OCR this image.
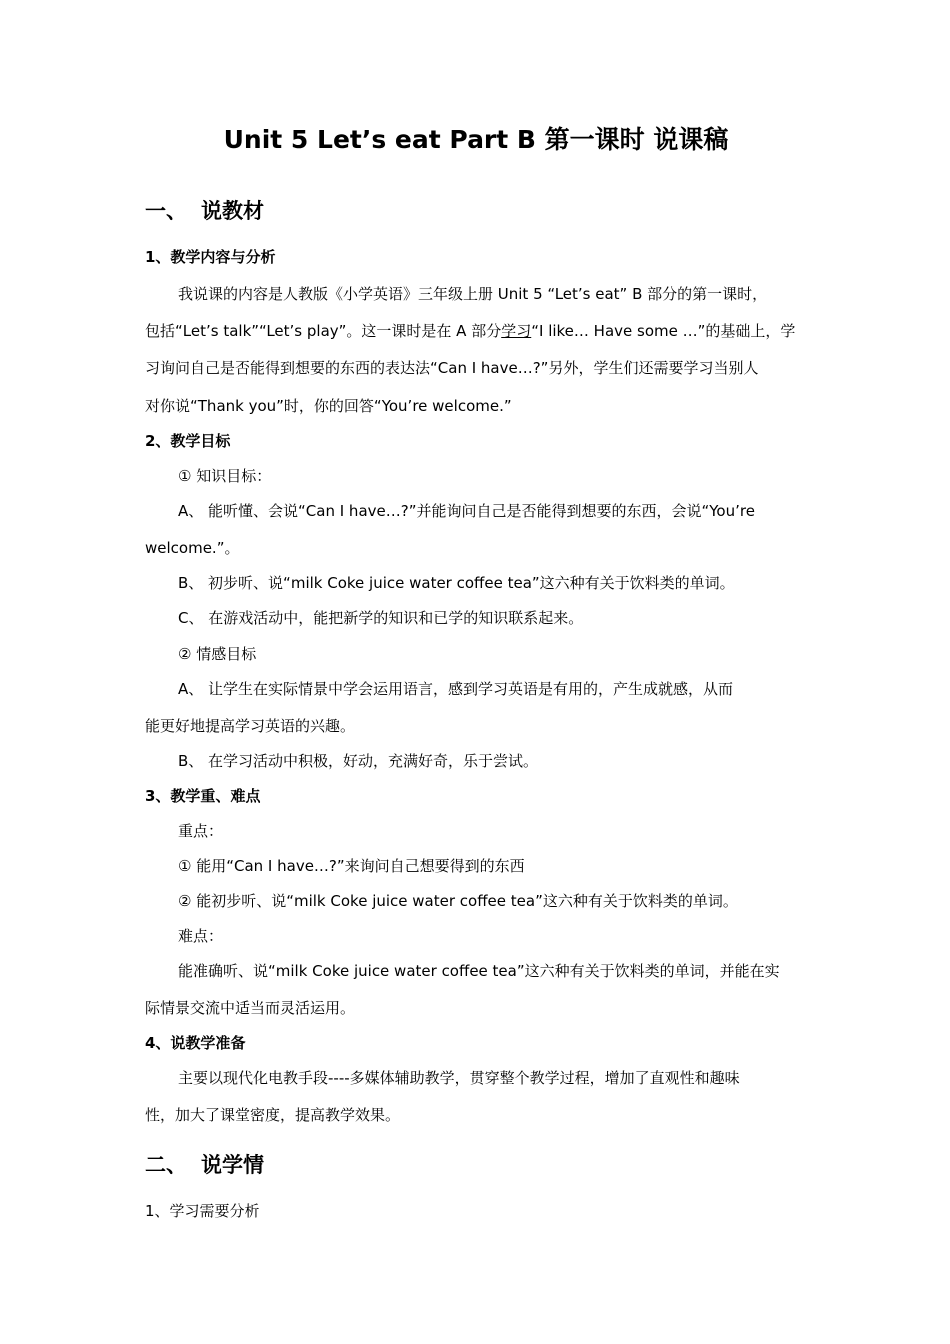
Unit 5 Let’s eat Part B 第一课时 说课稿
一、 说教材
1、教学内容与分析
我说课的内容是人教版《小学英语》三年级上册 Unit 5 “Let’s eat” B 部分的第一课时，
包括“Let’s talk”“Let’s play”。这一课时是在 A 部分学习“I like… Have some …”的基础上，学
习询问自己是否能得到想要的东西的表达法“Can I have…?”另外，学生们还需要学习当别人
对你说“Thank you”时，你的回答“You’re welcome.”
2、教学目标
① 知识目标：
A、 能听懂、会说“Can I have…?”并能询问自己是否能得到想要的东西，会说“You’re
welcome.”。
B、 初步听、说“milk Coke juice water coffee tea”这六种有关于饮料类的单词。
C、 在游戏活动中，能把新学的知识和已学的知识联系起来。
② 情感目标
A、 让学生在实际情景中学会运用语言，感到学习英语是有用的，产生成就感，从而
能更好地提高学习英语的兴趣。
B、 在学习活动中积极，好动，充满好奇，乐于尝试。
3、教学重、难点
重点：
① 能用“Can I have…?”来询问自己想要得到的东西
② 能初步听、说“milk Coke juice water coffee tea”这六种有关于饮料类的单词。
难点：
能准确听、说“milk Coke juice water coffee tea”这六种有关于饮料类的单词，并能在实
际情景交流中适当而灵活运用。
4、说教学准备
主要以现代化电教手段----多媒体辅助教学，贯穿整个教学过程，增加了直观性和趣味
性，加大了课堂密度，提高教学效果。
二、 说学情
1、学习需要分析
